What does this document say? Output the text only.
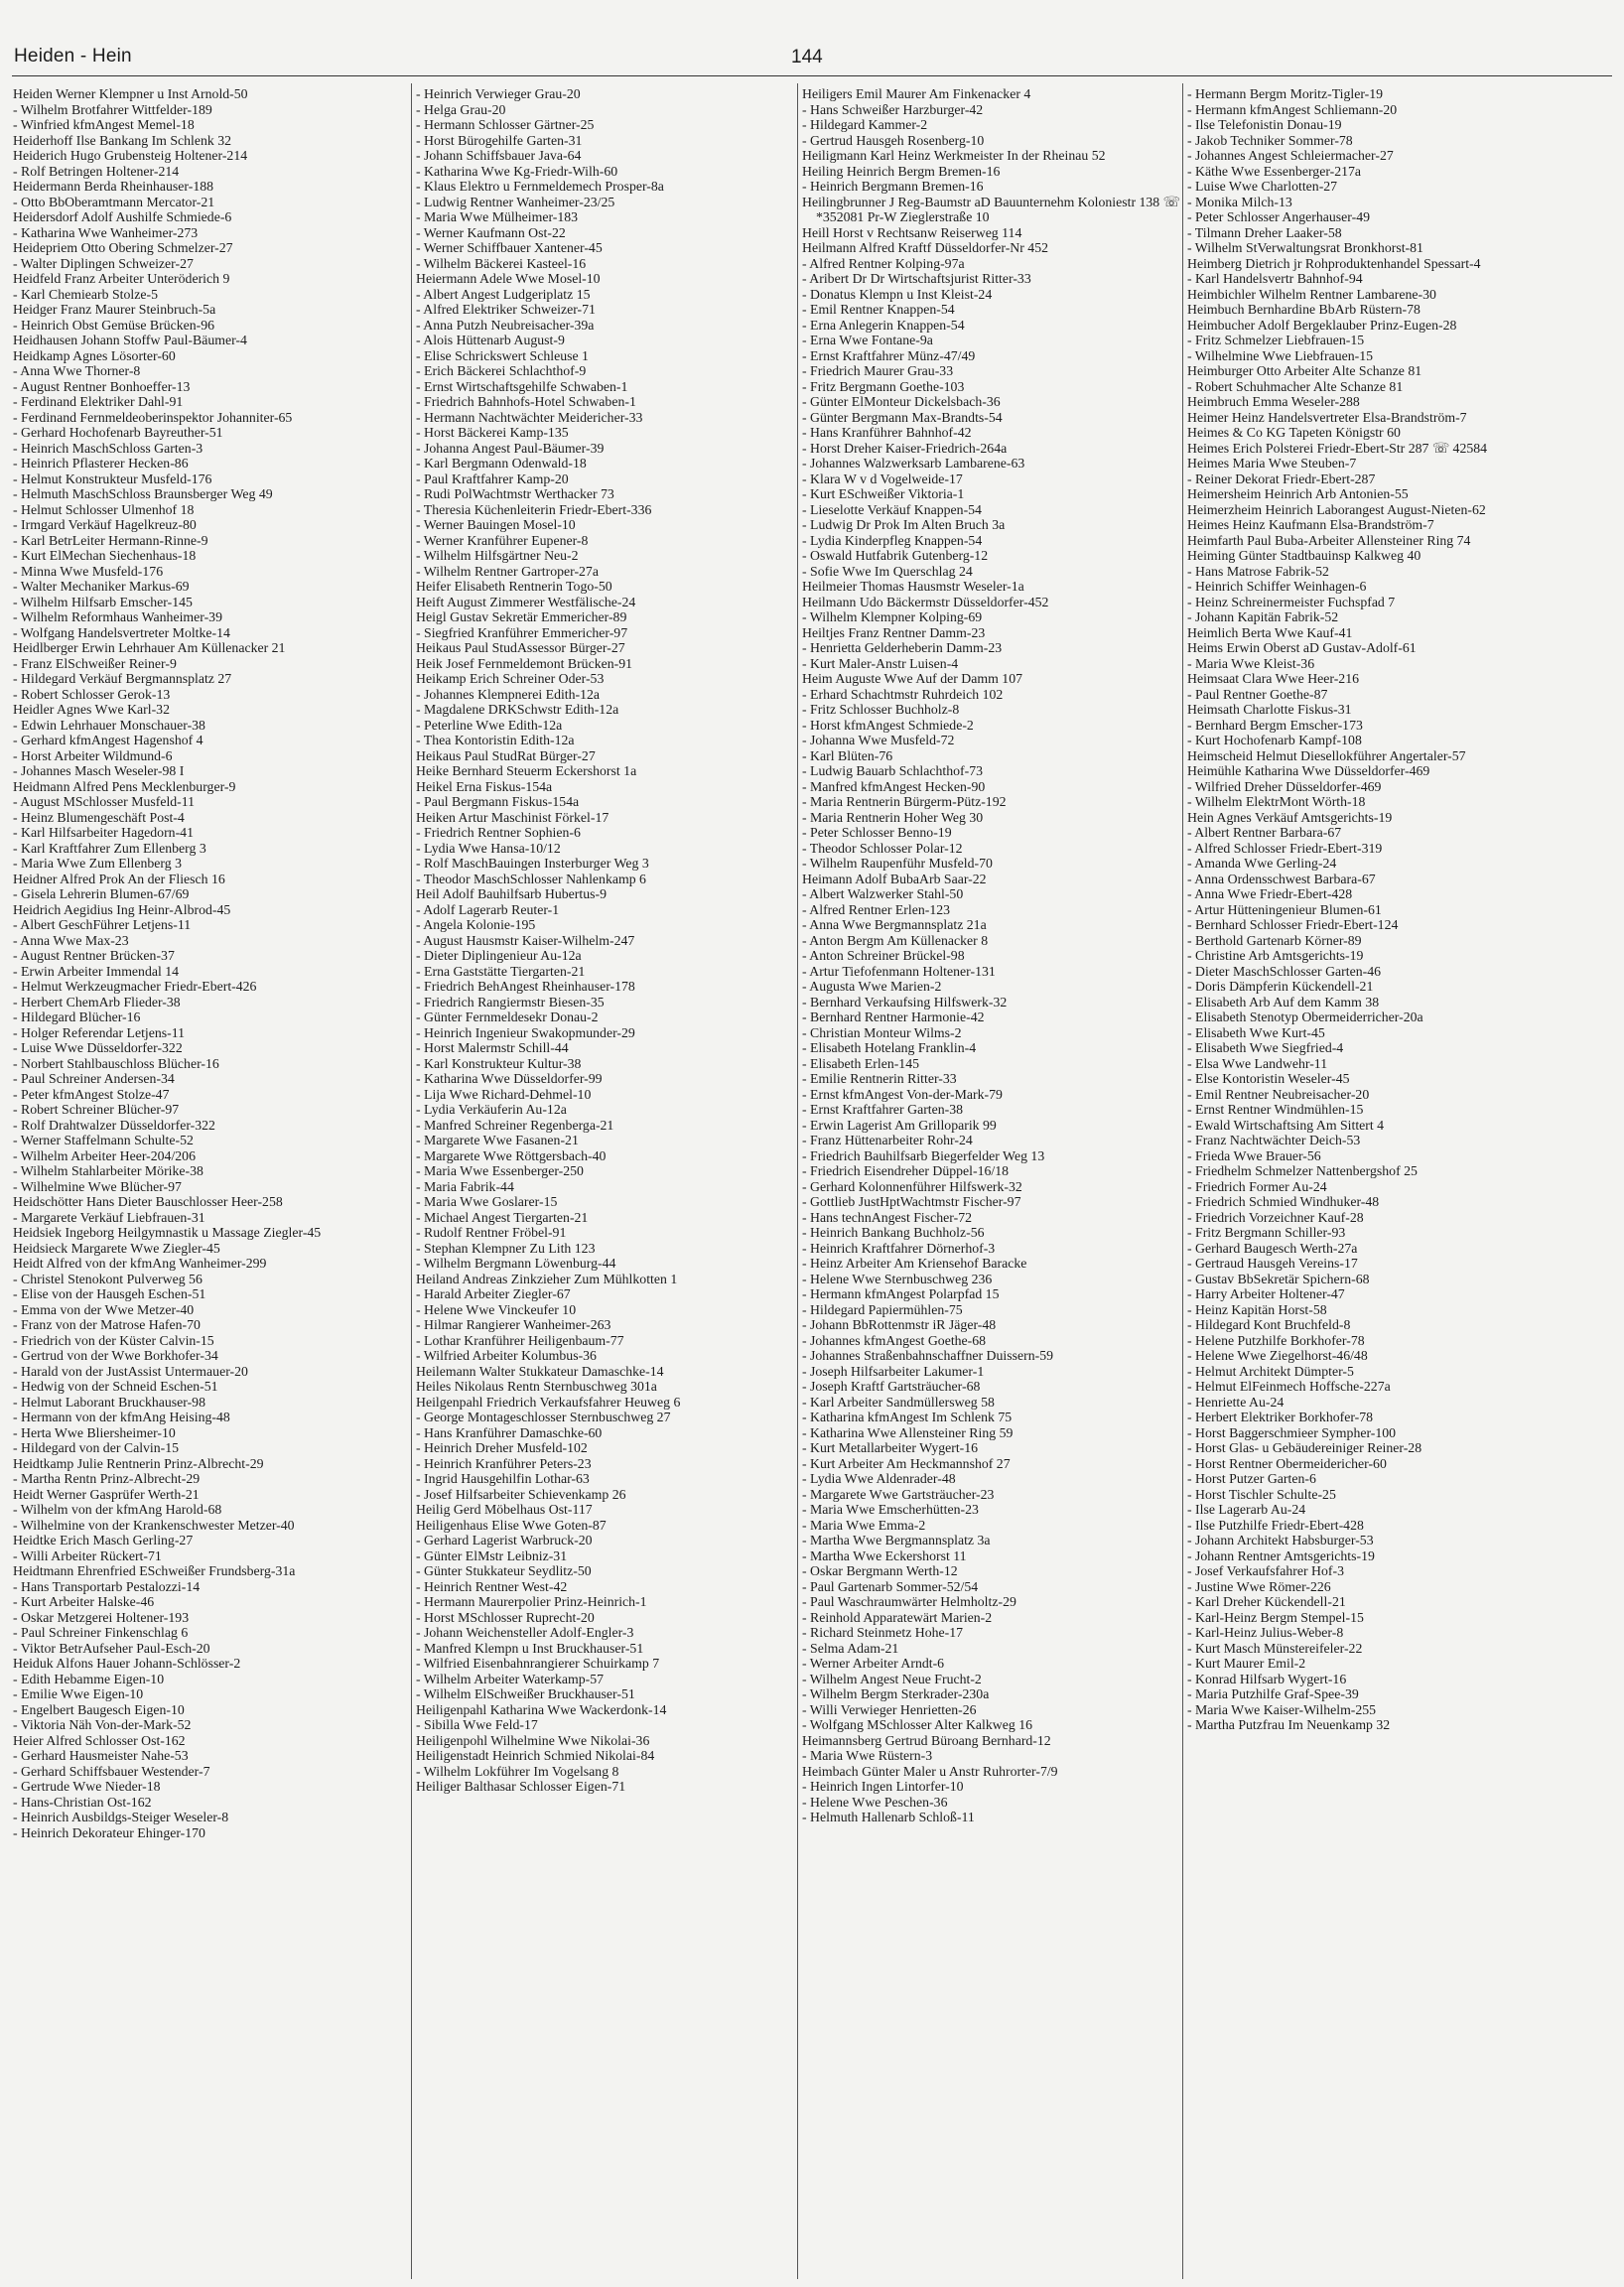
Heiden - Hein	144
Heiden Werner Klempner u Inst Arnold-50
- Wilhelm Brotfahrer Wittfelder-189
- Winfried kfmAngest Memel-18
Heiderhoff Ilse Bankang Im Schlenk 32
Heiderich Hugo Grubensteig Holtener-214
- Rolf Betringen Holtener-214
Heidermann Berda Rheinhauser-188
- Otto BbOberamtmann Mercator-21
Heidersdorf Adolf Aushilfe Schmiede-6
- Katharina Wwe Wanheimer-273
Heidepriem Otto Obering Schmelzer-27
- Walter Diplingen Schweizer-27
Heidfeld Franz Arbeiter Unteröderich 9
- Karl Chemiearb Stolze-5
Heidger Franz Maurer Steinbruch-5a
- Heinrich Obst Gemüse Brücken-96
Heidhausen Johann Stoffw Paul-Bäumer-4
Heidkamp Agnes Lösorter-60
- Anna Wwe Thorner-8
- August Rentner Bonhoeffer-13
- Ferdinand Elektriker Dahl-91
- Ferdinand Fernmeldeoberinspektor Johanniter-65
- Gerhard Hochofenarb Bayreuther-51
- Heinrich MaschSchloss Garten-3
- Heinrich Pflasterer Hecken-86
- Helmut Konstrukteur Musfeld-176
- Helmuth MaschSchloss Braunsberger Weg 49
- Helmut Schlosser Ulmenhof 18
- Irmgard Verkäuf Hagelkreuz-80
- Karl BetrLeiter Hermann-Rinne-9
- Kurt ElMechan Siechenhaus-18
- Minna Wwe Musfeld-176
- Walter Mechaniker Markus-69
- Wilhelm Hilfsarb Emscher-145
- Wilhelm Reformhaus Wanheimer-39
- Wolfgang Handelsvertreter Moltke-14
Heidlberger Erwin Lehrhauer Am Küllenacker 21
- Franz ElSchweißer Reiner-9
- Hildegard Verkäuf Bergmannsplatz 27
- Robert Schlosser Gerok-13
Heidler Agnes Wwe Karl-32
- Edwin Lehrhauer Monschauer-38
- Gerhard kfmAngest Hagenshof 4
- Horst Arbeiter Wildmund-6
- Johannes Masch Weseler-98 I
Heidmann Alfred Pens Mecklenburger-9
- August MSchlosser Musfeld-11
- Heinz Blumengeschäft Post-4
- Karl Hilfsarbeiter Hagedorn-41
- Karl Kraftfahrer Zum Ellenberg 3
- Maria Wwe Zum Ellenberg 3
Heidner Alfred Prok An der Fliesch 16
- Gisela Lehrerin Blumen-67/69
Heidrich Aegidius Ing Heinr-Albrod-45
- Albert GeschFührer Letjens-11
- Anna Wwe Max-23
- August Rentner Brücken-37
- Erwin Arbeiter Immendal 14
- Helmut Werkzeugmacher Friedr-Ebert-426
- Herbert ChemArb Flieder-38
- Hildegard Blücher-16
- Holger Referendar Letjens-11
- Luise Wwe Düsseldorfer-322
- Norbert Stahlbauschloss Blücher-16
- Paul Schreiner Andersen-34
- Peter kfmAngest Stolze-47
- Robert Schreiner Blücher-97
- Rolf Drahtwalzer Düsseldorfer-322
- Werner Staffelmann Schulte-52
- Wilhelm Arbeiter Heer-204/206
- Wilhelm Stahlarbeiter Mörike-38
- Wilhelmine Wwe Blücher-97
Heidschötter Hans Dieter Bauschlosser Heer-258
- Margarete Verkäuf Liebfrauen-31
Heidsiek Ingeborg Heilgymnastik u Massage Ziegler-45
Heidsieck Margarete Wwe Ziegler-45
Heidt Alfred von der kfmAng Wanheimer-299
- Christel Stenokont Pulverweg 56
- Elise von der Hausgeh Eschen-51
- Emma von der Wwe Metzer-40
- Franz von der Matrose Hafen-70
- Friedrich von der Küster Calvin-15
- Gertrud von der Wwe Borkhofer-34
- Harald von der JustAssist Untermauer-20
- Hedwig von der Schneid Eschen-51
- Helmut Laborant Bruckhauser-98
- Hermann von der kfmAng Heising-48
- Herta Wwe Bliersheimer-10
- Hildegard von der Calvin-15
Heidtkamp Julie Rentnerin Prinz-Albrecht-29
- Martha Rentn Prinz-Albrecht-29
Heidt Werner Gasprüfer Werth-21
- Wilhelm von der kfmAng Harold-68
- Wilhelmine von der Krankenschwester Metzer-40
Heidtke Erich Masch Gerling-27
- Willi Arbeiter Rückert-71
Heidtmann Ehrenfried ESchweißer Frundsberg-31a
- Hans Transportarb Pestalozzi-14
- Kurt Arbeiter Halske-46
- Oskar Metzgerei Holtener-193
- Paul Schreiner Finkenschlag 6
- Viktor BetrAufseher Paul-Esch-20
Heiduk Alfons Hauer Johann-Schlösser-2
- Edith Hebamme Eigen-10
- Emilie Wwe Eigen-10
- Engelbert Baugesch Eigen-10
- Viktoria Näh Von-der-Mark-52
Heier Alfred Schlosser Ost-162
- Gerhard Hausmeister Nahe-53
- Gerhard Schiffsbauer Westender-7
- Gertrude Wwe Nieder-18
- Hans-Christian Ost-162
- Heinrich Ausbildgs-Steiger Weseler-8
- Heinrich Dekorateur Ehinger-170
- Heinrich Verwieger Grau-20
- Helga Grau-20
- Hermann Schlosser Gärtner-25
- Horst Bürogehilfe Garten-31
- Johann Schiffsbauer Java-64
- Katharina Wwe Kg-Friedr-Wilh-60
- Klaus Elektro u Fernmeldemech Prosper-8a
- Ludwig Rentner Wanheimer-23/25
- Maria Wwe Mülheimer-183
- Werner Kaufmann Ost-22
- Werner Schiffbauer Xantener-45
- Wilhelm Bäckerei Kasteel-16
Heiermann Adele Wwe Mosel-10
- Albert Angest Ludgeriplatz 15
- Alfred Elektriker Schweizer-71
- Anna Putzh Neubreisacher-39a
- Alois Hüttenarb August-9
- Elise Schrickswert Schleuse 1
- Erich Bäckerei Schlachthof-9
- Ernst Wirtschaftsgehilfe Schwaben-1
- Friedrich Bahnhofs-Hotel Schwaben-1
- Hermann Nachtwächter Meidericher-33
- Horst Bäckerei Kamp-135
- Johanna Angest Paul-Bäumer-39
- Karl Bergmann Odenwald-18
- Paul Kraftfahrer Kamp-20
- Rudi PolWachtmstr Werthacker 73
- Theresia Küchenleiterin Friedr-Ebert-336
- Werner Bauingen Mosel-10
- Werner Kranführer Eupener-8
- Wilhelm Hilfsgärtner Neu-2
- Wilhelm Rentner Gartroper-27a
Heifer Elisabeth Rentnerin Togo-50
Heift August Zimmerer Westfälische-24
Heigl Gustav Sekretär Emmericher-89
- Siegfried Kranführer Emmericher-97
Heikaus Paul StudAssessor Bürger-27
Heik Josef Fernmeldemont Brücken-91
Heikamp Erich Schreiner Oder-53
- Johannes Klempnerei Edith-12a
- Magdalene DRKSchwstr Edith-12a
- Peterline Wwe Edith-12a
- Thea Kontoristin Edith-12a
Heikaus Paul StudRat Bürger-27
Heike Bernhard Steuerm Eckershorst 1a
Heikel Erna Fiskus-154a
- Paul Bergmann Fiskus-154a
Heiken Artur Maschinist Förkel-17
- Friedrich Rentner Sophien-6
- Lydia Wwe Hansa-10/12
- Rolf MaschBauingen Insterburger Weg 3
- Theodor MaschSchlosser Nahlenkamp 6
Heil Adolf Bauhilfsarb Hubertus-9
- Adolf Lagerarb Reuter-1
- Angela Kolonie-195
- August Hausmstr Kaiser-Wilhelm-247
- Dieter Diplingenieur Au-12a
- Erna Gaststätte Tiergarten-21
- Friedrich BehAngest Rheinhauser-178
- Friedrich Rangiermstr Biesen-35
- Günter Fernmeldesekr Donau-2
- Heinrich Ingenieur Swakopmunder-29
- Horst Malermstr Schill-44
- Karl Konstrukteur Kultur-38
- Katharina Wwe Düsseldorfer-99
- Lija Wwe Richard-Dehmel-10
- Lydia Verkäuferin Au-12a
- Manfred Schreiner Regenberga-21
- Margarete Wwe Fasanen-21
- Margarete Wwe Röttgersbach-40
- Maria Wwe Essenberger-250
- Maria Fabrik-44
- Maria Wwe Goslarer-15
- Michael Angest Tiergarten-21
- Rudolf Rentner Fröbel-91
- Stephan Klempner Zu Lith 123
- Wilhelm Bergmann Löwenburg-44
Heiland Andreas Zinkzieher Zum Mühlkotten 1
- Harald Arbeiter Ziegler-67
- Helene Wwe Vinckeufer 10
- Hilmar Rangierer Wanheimer-263
- Lothar Kranführer Heiligenbaum-77
- Wilfried Arbeiter Kolumbus-36
Heilemann Walter Stukkateur Damaschke-14
Heiles Nikolaus Rentn Sternbuschweg 301a
Heilgenpahl Friedrich Verkaufsfahrer Heuweg 6
- George Montageschlosser Sternbuschweg 27
- Hans Kranführer Damaschke-60
- Heinrich Dreher Musfeld-102
- Heinrich Kranführer Peters-23
- Ingrid Hausgehilfin Lothar-63
- Josef Hilfsarbeiter Schievenkamp 26
Heilig Gerd Möbelhaus Ost-117
Heiligenhaus Elise Wwe Goten-87
- Gerhard Lagerist Warbruck-20
- Günter ElMstr Leibniz-31
- Günter Stukkateur Seydlitz-50
- Heinrich Rentner West-42
- Hermann Maurerpolier Prinz-Heinrich-1
- Horst MSchlosser Ruprecht-20
- Johann Weichensteller Adolf-Engler-3
- Manfred Klempn u Inst Bruckhauser-51
- Wilfried Eisenbahnrangierer Schuirkamp 7
- Wilhelm Arbeiter Waterkamp-57
- Wilhelm ElSchweißer Bruckhauser-51
Heiligenpahl Katharina Wwe Wackerdonk-14
- Sibilla Wwe Feld-17
Heiligenpohl Wilhelmine Wwe Nikolai-36
Heiligenstadt Heinrich Schmied Nikolai-84
- Wilhelm Lokführer Im Vogelsang 8
Heiliger Balthasar Schlosser Eigen-71
Heiligers Emil Maurer Am Finkenacker 4
- Hans Schweißer Harzburger-42
- Hildegard Kammer-2
- Gertrud Hausgeh Rosenberg-10
Heiligmann Karl Heinz Werkmeister In der Rheinau 52
Heiling Heinrich Bergm Bremen-16
- Heinrich Bergmann Bremen-16
Heilingbrunner J Reg-Baumstr aD Bauunternehm Koloniestr 138 ☏ *352081 Pr-W Zieglerstraße 10
Heill Horst v Rechtsanw Reiserweg 114
Heilmann Alfred Kraftf Düsseldorfer-Nr 452
- Alfred Rentner Kolping-97a
- Aribert Dr Dr Wirtschaftsjurist Ritter-33
- Donatus Klempn u Inst Kleist-24
- Emil Rentner Knappen-54
- Erna Anlegerin Knappen-54
- Erna Wwe Fontane-9a
- Ernst Kraftfahrer Münz-47/49
- Friedrich Maurer Grau-33
- Fritz Bergmann Goethe-103
- Günter ElMonteur Dickelsbach-36
- Günter Bergmann Max-Brandts-54
- Hans Kranführer Bahnhof-42
- Horst Dreher Kaiser-Friedrich-264a
- Johannes Walzwerksarb Lambarene-63
- Klara W v d Vogelweide-17
- Kurt ESchweißer Viktoria-1
- Lieselotte Verkäuf Knappen-54
- Ludwig Dr Prok Im Alten Bruch 3a
- Lydia Kinderpfleg Knappen-54
- Oswald Hutfabrik Gutenberg-12
- Sofie Wwe Im Querschlag 24
Heilmeier Thomas Hausmstr Weseler-1a
Heilmann Udo Bäckermstr Düsseldorfer-452
- Wilhelm Klempner Kolping-69
Heiltjes Franz Rentner Damm-23
- Henrietta Gelderheberin Damm-23
- Kurt Maler-Anstr Luisen-4
Heim Auguste Wwe Auf der Damm 107
- Erhard Schachtmstr Ruhrdeich 102
- Fritz Schlosser Buchholz-8
- Horst kfmAngest Schmiede-2
- Johanna Wwe Musfeld-72
- Karl Blüten-76
- Ludwig Bauarb Schlachthof-73
- Manfred kfmAngest Hecken-90
- Maria Rentnerin Bürgerm-Pütz-192
- Maria Rentnerin Hoher Weg 30
- Peter Schlosser Benno-19
- Theodor Schlosser Polar-12
- Wilhelm Raupenführ Musfeld-70
Heimann Adolf BubaArb Saar-22
- Albert Walzwerker Stahl-50
- Alfred Rentner Erlen-123
- Anna Wwe Bergmannsplatz 21a
- Anton Bergm Am Küllenacker 8
- Anton Schreiner Brückel-98
- Artur Tiefofenmann Holtener-131
- Augusta Wwe Marien-2
- Bernhard Verkaufsing Hilfswerk-32
- Bernhard Rentner Harmonie-42
- Christian Monteur Wilms-2
- Elisabeth Hotelang Franklin-4
- Elisabeth Erlen-145
- Emilie Rentnerin Ritter-33
- Ernst kfmAngest Von-der-Mark-79
- Ernst Kraftfahrer Garten-38
- Erwin Lagerist Am Grilloparik 99
- Franz Hüttenarbeiter Rohr-24
- Friedrich Bauhilfsarb Biegerfelder Weg 13
- Friedrich Eisendreher Düppel-16/18
- Gerhard Kolonnenführer Hilfswerk-32
- Gottlieb JustHptWachtmstr Fischer-97
- Hans technAngest Fischer-72
- Heinrich Bankang Buchholz-56
- Heinrich Kraftfahrer Dörnerhof-3
- Heinz Arbeiter Am Kriensehof Baracke
- Helene Wwe Sternbuschweg 236
- Hermann kfmAngest Polarpfad 15
- Hildegard Papiermühlen-75
- Johann BbRottenmstr iR Jäger-48
- Johannes kfmAngest Goethe-68
- Johannes Straßenbahnschaffner Duissern-59
- Joseph Hilfsarbeiter Lakumer-1
- Joseph Kraftf Gartsträucher-68
- Karl Arbeiter Sandmüllersweg 58
- Katharina kfmAngest Im Schlenk 75
- Katharina Wwe Allensteiner Ring 59
- Kurt Metallarbeiter Wygert-16
- Kurt Arbeiter Am Heckmannshof 27
- Lydia Wwe Aldenrader-48
- Margarete Wwe Gartsträucher-23
- Maria Wwe Emscherhütten-23
- Maria Wwe Emma-2
- Martha Wwe Bergmannsplatz 3a
- Martha Wwe Eckershorst 11
- Oskar Bergmann Werth-12
- Paul Gartenarb Sommer-52/54
- Paul Waschraumwärter Helmholtz-29
- Reinhold Apparatewärt Marien-2
- Richard Steinmetz Hohe-17
- Selma Adam-21
- Werner Arbeiter Arndt-6
- Wilhelm Angest Neue Frucht-2
- Wilhelm Bergm Sterkrader-230a
- Willi Verwieger Henrietten-26
- Wolfgang MSchlosser Alter Kalkweg 16
Heimannsberg Gertrud Büroang Bernhard-12
- Maria Wwe Rüstern-3
Heimbach Günter Maler u Anstr Ruhrorter-7/9
- Heinrich Ingen Lintorfer-10
- Helene Wwe Peschen-36
- Helmuth Hallenarb Schloß-11
- Hermann Bergm Moritz-Tigler-19
- Hermann kfmAngest Schliemann-20
- Ilse Telefonistin Donau-19
- Jakob Techniker Sommer-78
- Johannes Angest Schleiermacher-27
- Käthe Wwe Essenberger-217a
- Luise Wwe Charlotten-27
- Monika Milch-13
- Peter Schlosser Angerhauser-49
- Tilmann Dreher Laaker-58
- Wilhelm StVerwaltungsrat Bronkhorst-81
Heimberg Dietrich jr Rohproduktenhandel Spessart-4
- Karl Handelsvertr Bahnhof-94
Heimbichler Wilhelm Rentner Lambarene-30
Heimbuch Bernhardine BbArb Rüstern-78
Heimbucher Adolf Bergeklauber Prinz-Eugen-28
- Fritz Schmelzer Liebfrauen-15
- Wilhelmine Wwe Liebfrauen-15
Heimburger Otto Arbeiter Alte Schanze 81
- Robert Schuhmacher Alte Schanze 81
Heimbruch Emma Weseler-288
Heimer Heinz Handelsvertreter Elsa-Brandström-7
Heimes & Co KG Tapeten Königstr 60
Heimes Erich Polsterei Friedr-Ebert-Str 287 ☏ 42584
Heimes Maria Wwe Steuben-7
- Reiner Dekorat Friedr-Ebert-287
Heimersheim Heinrich Arb Antonien-55
Heimerzheim Heinrich Laborangest August-Nieten-62
Heimes Heinz Kaufmann Elsa-Brandström-7
Heimfarth Paul Buba-Arbeiter Allensteiner Ring 74
Heiming Günter Stadtbauinsp Kalkweg 40
- Hans Matrose Fabrik-52
- Heinrich Schiffer Weinhagen-6
- Heinz Schreinermeister Fuchspfad 7
- Johann Kapitän Fabrik-52
Heimlich Berta Wwe Kauf-41
Heims Erwin Oberst aD Gustav-Adolf-61
- Maria Wwe Kleist-36
Heimsaat Clara Wwe Heer-216
- Paul Rentner Goethe-87
Heimsath Charlotte Fiskus-31
- Bernhard Bergm Emscher-173
- Kurt Hochofenarb Kampf-108
Heimscheid Helmut Diesellokführer Angertaler-57
Heimühle Katharina Wwe Düsseldorfer-469
- Wilfried Dreher Düsseldorfer-469
- Wilhelm ElektrMont Wörth-18
Hein Agnes Verkäuf Amtsgerichts-19
- Albert Rentner Barbara-67
- Alfred Schlosser Friedr-Ebert-319
- Amanda Wwe Gerling-24
- Anna Ordensschwest Barbara-67
- Anna Wwe Friedr-Ebert-428
- Artur Hütteningenieur Blumen-61
- Bernhard Schlosser Friedr-Ebert-124
- Berthold Gartenarb Körner-89
- Christine Arb Amtsgerichts-19
- Dieter MaschSchlosser Garten-46
- Doris Dämpferin Kückendell-21
- Elisabeth Arb Auf dem Kamm 38
- Elisabeth Stenotyp Obermeiderricher-20a
- Elisabeth Wwe Kurt-45
- Elisabeth Wwe Siegfried-4
- Elsa Wwe Landwehr-11
- Else Kontoristin Weseler-45
- Emil Rentner Neubreisacher-20
- Ernst Rentner Windmühlen-15
- Ewald Wirtschaftsing Am Sittert 4
- Franz Nachtwächter Deich-53
- Frieda Wwe Brauer-56
- Friedhelm Schmelzer Nattenbergshof 25
- Friedrich Former Au-24
- Friedrich Schmied Windhuker-48
- Friedrich Vorzeichner Kauf-28
- Fritz Bergmann Schiller-93
- Gerhard Baugesch Werth-27a
- Gertraud Hausgeh Vereins-17
- Gustav BbSekretär Spichern-68
- Harry Arbeiter Holtener-47
- Heinz Kapitän Horst-58
- Hildegard Kont Bruchfeld-8
- Helene Putzhilfe Borkhofer-78
- Helene Wwe Ziegelhorst-46/48
- Helmut Architekt Dümpter-5
- Helmut ElFeinmech Hoffsche-227a
- Henriette Au-24
- Herbert Elektriker Borkhofer-78
- Horst Baggerschmieer Sympher-100
- Horst Glas- u Gebäudereiniger Reiner-28
- Horst Rentner Obermeidericher-60
- Horst Putzer Garten-6
- Horst Tischler Schulte-25
- Ilse Lagerarb Au-24
- Ilse Putzhilfe Friedr-Ebert-428
- Johann Architekt Habsburger-53
- Johann Rentner Amtsgerichts-19
- Josef Verkaufsfahrer Hof-3
- Justine Wwe Römer-226
- Karl Dreher Kückendell-21
- Karl-Heinz Bergm Stempel-15
- Karl-Heinz Julius-Weber-8
- Kurt Masch Münstereifeler-22
- Kurt Maurer Emil-2
- Konrad Hilfsarb Wygert-16
- Maria Putzhilfe Graf-Spee-39
- Maria Wwe Kaiser-Wilhelm-255
- Martha Putzfrau Im Neuenkamp 32
